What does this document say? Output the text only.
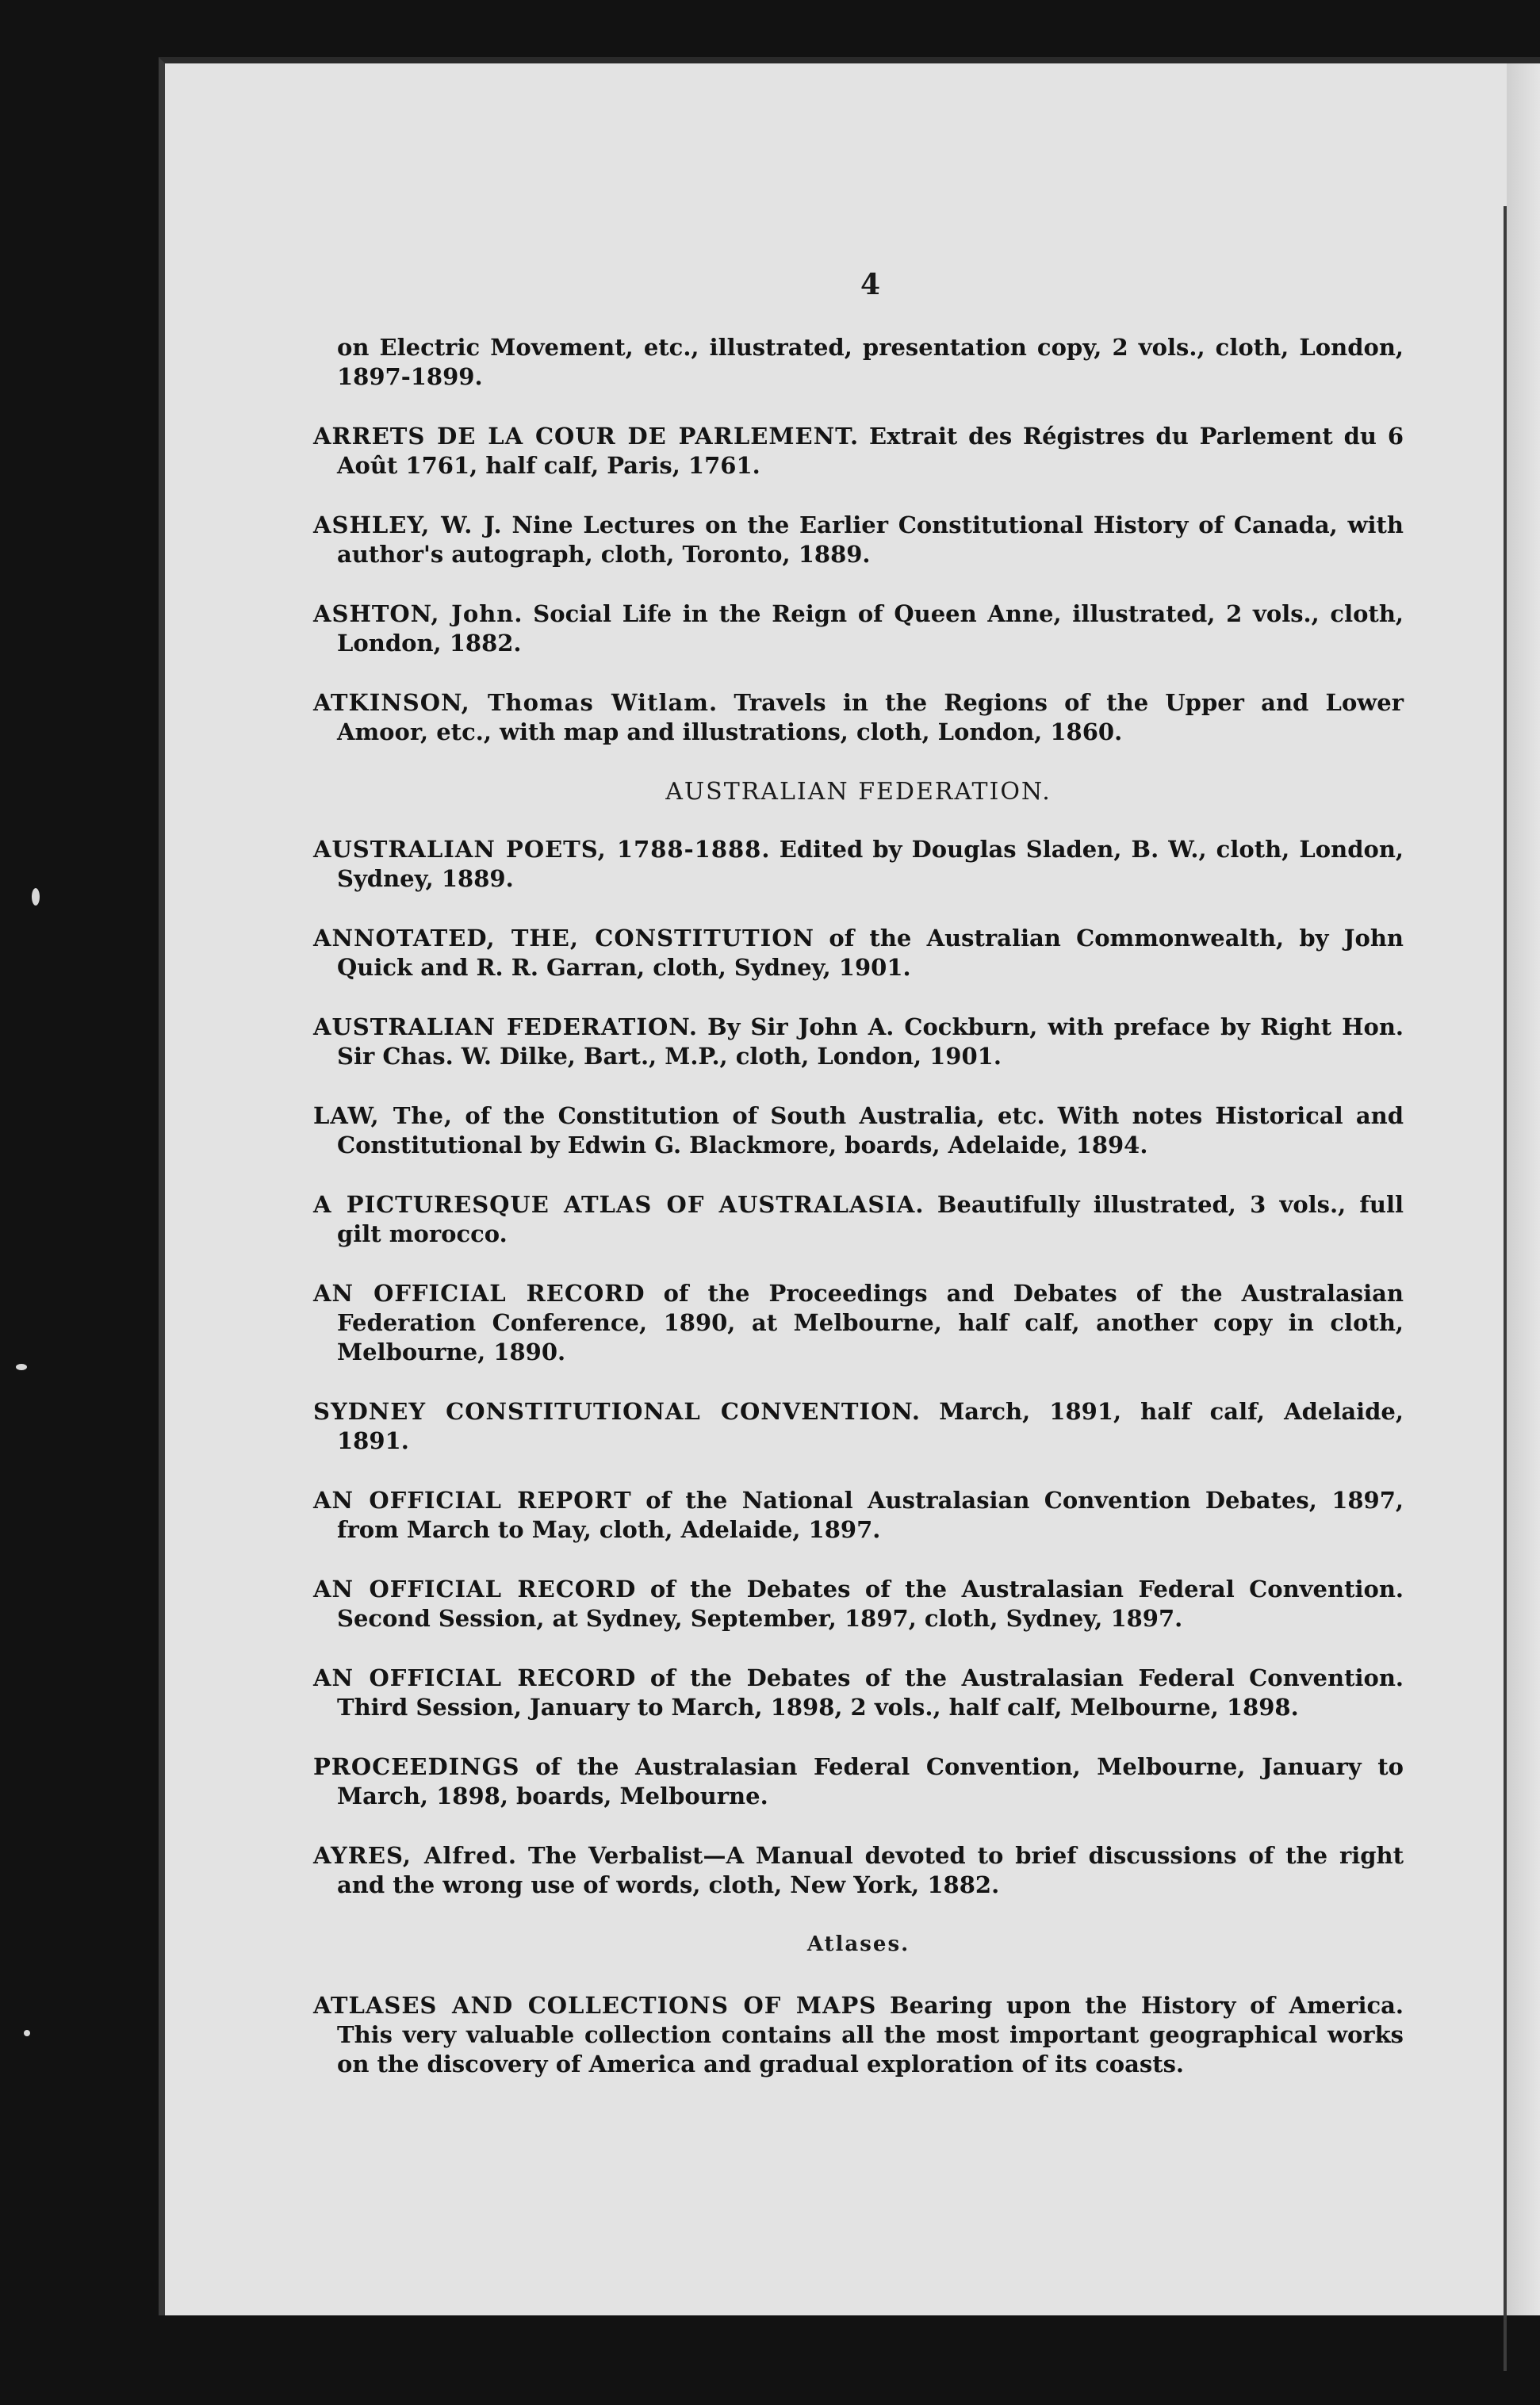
4

on Electric Movement, etc., illustrated, presentation copy, 2 vols., cloth, London, 1897-1899.

ARRETS DE LA COUR DE PARLEMENT. Extrait des Régistres du Parlement du 6 Août 1761, half calf, Paris, 1761.

ASHLEY, W. J. Nine Lectures on the Earlier Constitutional History of Canada, with author's autograph, cloth, Toronto, 1889.

ASHTON, John. Social Life in the Reign of Queen Anne, illustrated, 2 vols., cloth, London, 1882.

ATKINSON, Thomas Witlam. Travels in the Regions of the Upper and Lower Amoor, etc., with map and illustrations, cloth, London, 1860.

AUSTRALIAN FEDERATION.

AUSTRALIAN POETS, 1788-1888. Edited by Douglas Sladen, B. W., cloth, London, Sydney, 1889.

ANNOTATED, THE, CONSTITUTION of the Australian Commonwealth, by John Quick and R. R. Garran, cloth, Sydney, 1901.

AUSTRALIAN FEDERATION. By Sir John A. Cockburn, with preface by Right Hon. Sir Chas. W. Dilke, Bart., M.P., cloth, London, 1901.

LAW, The, of the Constitution of South Australia, etc. With notes Historical and Constitutional by Edwin G. Blackmore, boards, Adelaide, 1894.

A PICTURESQUE ATLAS OF AUSTRALASIA. Beautifully illustrated, 3 vols., full gilt morocco.

AN OFFICIAL RECORD of the Proceedings and Debates of the Australasian Federation Conference, 1890, at Melbourne, half calf, another copy in cloth, Melbourne, 1890.

SYDNEY CONSTITUTIONAL CONVENTION. March, 1891, half calf, Adelaide, 1891.

AN OFFICIAL REPORT of the National Australasian Convention Debates, 1897, from March to May, cloth, Adelaide, 1897.

AN OFFICIAL RECORD of the Debates of the Australasian Federal Convention. Second Session, at Sydney, September, 1897, cloth, Sydney, 1897.

AN OFFICIAL RECORD of the Debates of the Australasian Federal Convention. Third Session, January to March, 1898, 2 vols., half calf, Melbourne, 1898.

PROCEEDINGS of the Australasian Federal Convention, Melbourne, January to March, 1898, boards, Melbourne.

AYRES, Alfred. The Verbalist—A Manual devoted to brief discussions of the right and the wrong use of words, cloth, New York, 1882.

Atlases.

ATLASES AND COLLECTIONS OF MAPS Bearing upon the History of America. This very valuable collection contains all the most important geographical works on the discovery of America and gradual exploration of its coasts.
